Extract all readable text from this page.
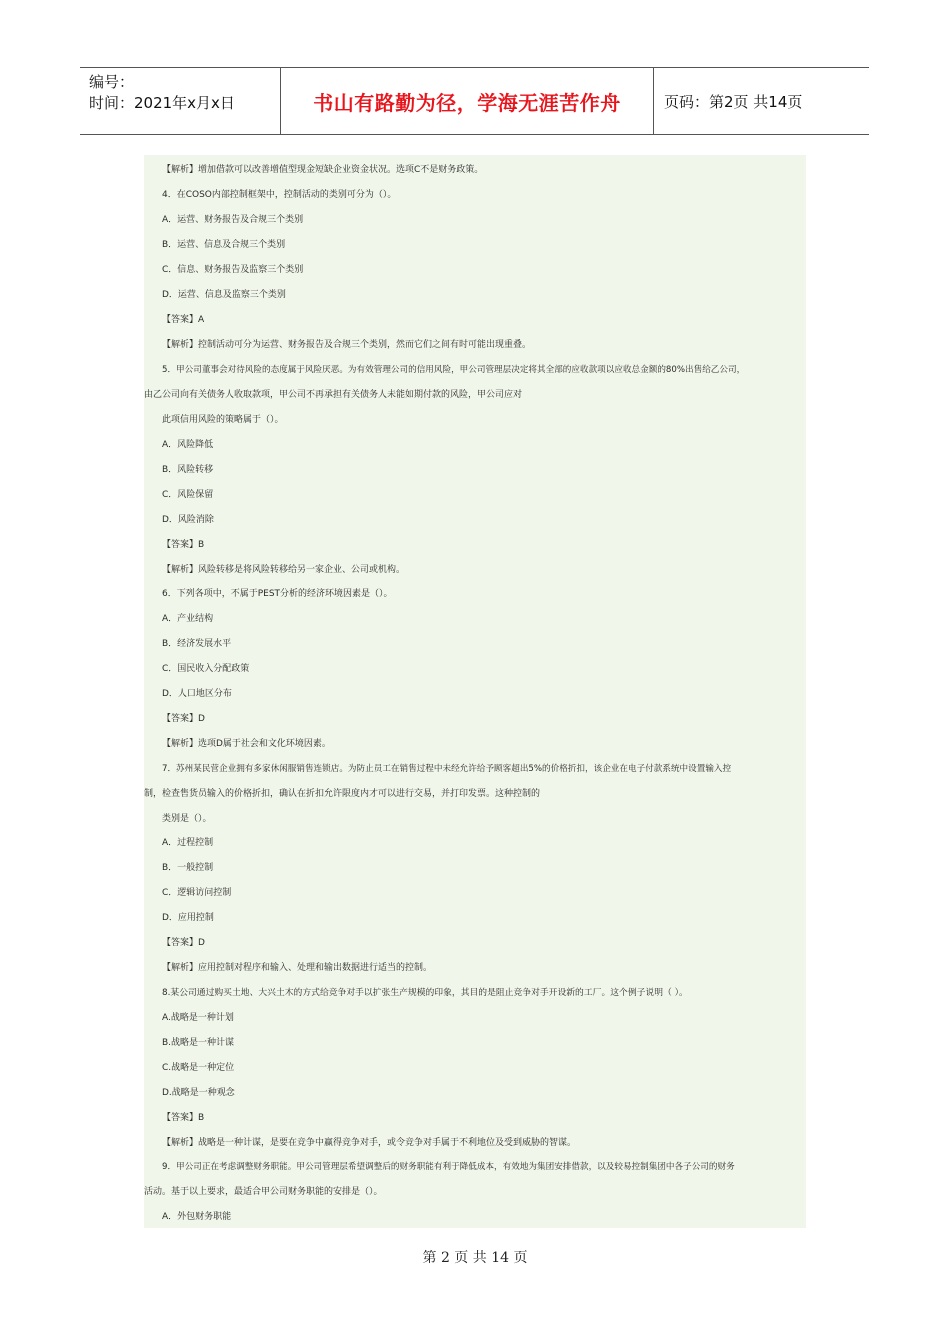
编号：
时间：2021年x月x日	书山有路勤为径，学海无涯苦作舟	页码：第2页 共14页
【解析】增加借款可以改善增值型现金短缺企业资金状况。选项C不是财务政策。
4．在COSO内部控制框架中，控制活动的类别可分为（）。
A．运营、财务报告及合规三个类别
B．运营、信息及合规三个类别
C．信息、财务报告及监察三个类别
D．运营、信息及监察三个类别
【答案】A
【解析】控制活动可分为运营、财务报告及合规三个类别，然而它们之间有时可能出现重叠。
5．甲公司董事会对待风险的态度属于风险厌恶。为有效管理公司的信用风险，甲公司管理层决定将其全部的应收款项以应收总金额的80%出售给乙公司，
由乙公司向有关债务人收取款项，甲公司不再承担有关债务人未能如期付款的风险，甲公司应对
此项信用风险的策略属于（）。
A．风险降低
B．风险转移
C．风险保留
D．风险消除
【答案】B
【解析】风险转移是将风险转移给另一家企业、公司或机构。
6．下列各项中，不属于PEST分析的经济环境因素是（）。
A．产业结构
B．经济发展水平
C．国民收入分配政策
D．人口地区分布
【答案】D
【解析】选项D属于社会和文化环境因素。
7．苏州某民营企业拥有多家休闲服销售连锁店。为防止员工在销售过程中未经允许给予顾客超出5%的价格折扣，该企业在电子付款系统中设置输入控
制，检查售货员输入的价格折扣，确认在折扣允许限度内才可以进行交易，并打印发票。这种控制的
类别是（）。
A．过程控制
B．一般控制
C．逻辑访问控制
D．应用控制
【答案】D
【解析】应用控制对程序和输入、处理和输出数据进行适当的控制。
8.某公司通过购买土地、大兴土木的方式给竞争对手以扩张生产规模的印象，其目的是阻止竞争对手开设新的工厂。这个例子说明（ ）。
A.战略是一种计划
B.战略是一种计谋
C.战略是一种定位
D.战略是一种观念
【答案】B
【解析】战略是一种计谋，是要在竞争中赢得竞争对手，或令竞争对手属于不利地位及受到威胁的智谋。
9．甲公司正在考虑调整财务职能。甲公司管理层希望调整后的财务职能有利于降低成本，有效地为集团安排借款，以及较易控制集团中各子公司的财务
活动。基于以上要求，最适合甲公司财务职能的安排是（）。
A．外包财务职能
第 2 页 共 14 页
